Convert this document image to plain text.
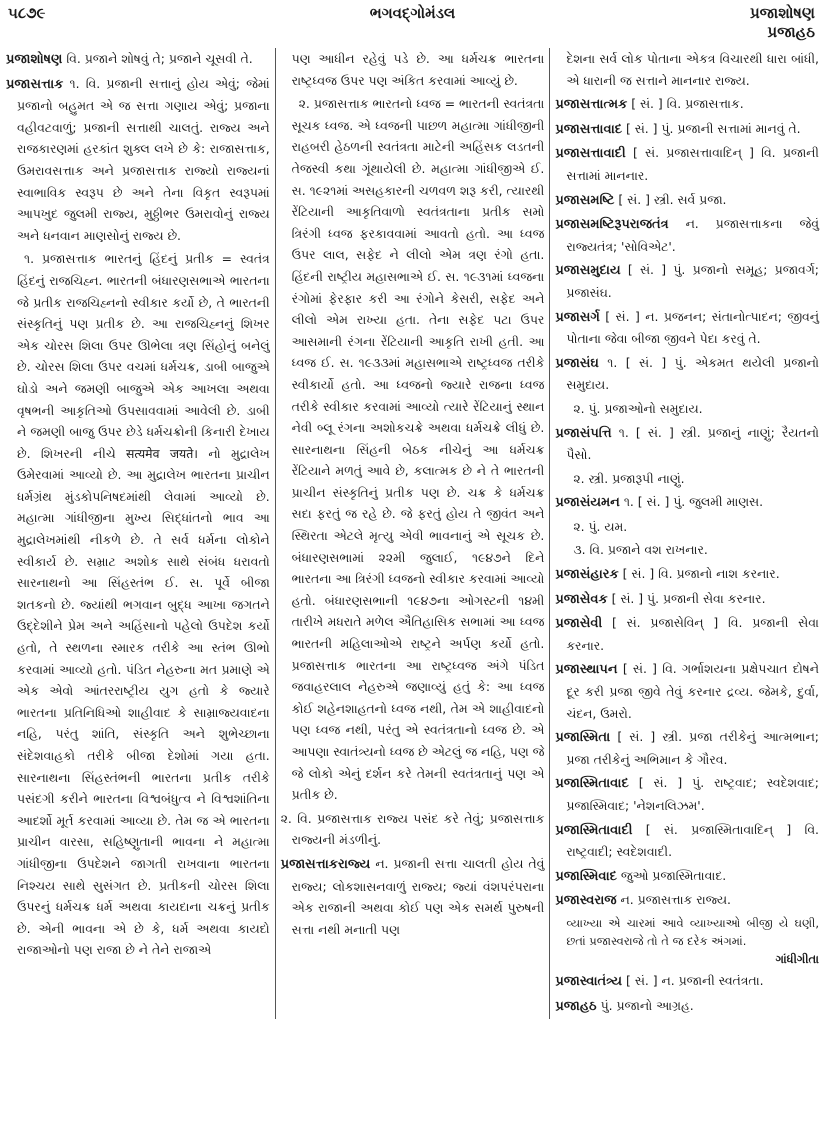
૫૮૭૯	ભગવદ્ગોમંડલ	પ્રજાશોષણ
પ્રજાહઠ

પ્રજાશોષણ વિ. પ્રજાને શોષવું તે; પ્રજાને ચૂસવી તે.

પ્રજાસત્તાક ૧. વિ. પ્રજાની સત્તાનું હોય એવું; જેમાં પ્રજાનો બહુમત એ જ સત્તા ગણાય એવું; પ્રજાના વહીવટવાળું; પ્રજાની સત્તાથી ચાલતું. રાજ્ય અને રાજકારણમાં હરકાંત શુક્લ લખે છે કે: રાજાસત્તાક, ઉમરાવસત્તાક અને પ્રજાસત્તાક રાજ્યો રાજ્યનાં સ્વાભાવિક સ્વરૂપ છે અને તેના વિકૃત સ્વરૂપમાં આપખુદ જુલમી રાજ્ય, મુઠ્ઠીભર ઉમરાવોનું રાજ્ય અને ધનવાન માણસોનું રાજ્ય છે.

૧. પ્રજાસત્તાક ભારતનું હિંદનું પ્રતીક = સ્વતંત્ર હિંદનું રાજચિહ્ન. ભારતની બંધારણસભાએ ભારતના જે પ્રતીક રાજચિહ્નનો સ્વીકાર કર્યો છે, તે ભારતની સંસ્કૃતિનું પણ પ્રતીક છે. આ રાજચિહ્નનું શિખર એક ચોરસ શિલા ઉપર ઊભેલા ત્રણ સિંહોનું બનેલું છે. ચોરસ શિલા ઉપર વચમાં ધર્મચક્ર, ડાબી બાજુએ ઘોડો અને જમણી બાજુએ એક આખલા અથવા વૃષભની આકૃતિઓ ઉપસાવવામાં આવેલી છે. ડાબી ને જમણી બાજુ ઉપર છેડે ધર્મચક્રોની કિનારી દેખાય છે. શિખરની નીચે सत्यमेव जयते। નો મુદ્રાલેખ ઉમેરવામાં આવ્યો છે. આ મુદ્રાલેખ ભારતના પ્રાચીન ધર્મગ્રંથ મુંડકોપનિષદમાંથી લેવામાં આવ્યો છે. મહાત્મા ગાંધીજીના મુખ્ય સિદ્ધાંતનો ભાવ આ મુદ્રાલેખમાંથી નીકળે છે. તે સર્વ ધર્મના લોકોને સ્વીકાર્ય છે. સમ્રાટ અશોક સાથે સંબંધ ધરાવતો સારનાથનો આ સિંહસ્તંભ ઈ. સ. પૂર્વે બીજા શતકનો છે. જ્યાંથી ભગવાન બુદ્ધ આખા જગતને ઉદ્દેશીને પ્રેમ અને અહિંસાનો પહેલો ઉપદેશ કર્યો હતો, તે સ્થળના સ્મારક તરીકે આ સ્તંભ ઊભો કરવામાં આવ્યો હતો. પંડિત નેહરુના મત પ્રમાણે એ એક એવો આંતરરાષ્ટ્રીય યુગ હતો કે જ્યારે ભારતના પ્રતિનિધિઓ શાહીવાદ કે સામ્રાજ્યવાદના નહિ, પરંતુ શાંતિ, સંસ્કૃતિ અને શુભેચ્છાના સંદેશવાહકો તરીકે બીજા દેશોમાં ગયા હતા. સારનાથના સિંહસ્તંભની ભારતના પ્રતીક તરીકે પસંદગી કરીને ભારતના વિશ્વબંધુત્વ ને વિશ્વશાંતિના આદર્શો મૂર્ત કરવામાં આવ્યા છે. તેમ જ એ ભારતના પ્રાચીન વારસા, સહિષ્ણુતાની ભાવના ને મહાત્મા ગાંધીજીના ઉપદેશને જાગતી રાખવાના ભારતના નિશ્ચય સાથે સુસંગત છે. પ્રતીકની ચોરસ શિલા ઉપરનું ધર્મચક્ર ધર્મ અથવા કાયદાના ચક્રનું પ્રતીક છે. એની ભાવના એ છે કે, ધર્મ અથવા કાયદો રાજાઓનો પણ રાજા છે ને તેને રાજાએ

પણ આધીન રહેવું પડે છે. આ ધર્મચક્ર ભારતના રાષ્ટ્રધ્વજ ઉપર પણ અંકિત કરવામાં આવ્યું છે.

૨. પ્રજાસત્તાક ભારતનો ધ્વજ = ભારતની સ્વતંત્રતા સૂચક ધ્વજ. એ ધ્વજની પાછળ મહાત્મા ગાંધીજીની રાહબરી હેઠળની સ્વતંત્રતા માટેની અહિંસક લડતની તેજસ્વી કથા ગૂંથાયેલી છે. મહાત્મા ગાંધીજીએ ઈ. સ. ૧૯૨૧માં અસહકારની ચળવળ શરૂ કરી, ત્યારથી રેંટિયાની આકૃતિવાળો સ્વતંત્રતાના પ્રતીક સમો ત્રિરંગી ધ્વજ ફરકાવવામાં આવતો હતો. આ ધ્વજ ઉપર લાલ, સફેદ ને લીલો એમ ત્રણ રંગો હતા. હિંદની રાષ્ટ્રીય મહાસભાએ ઈ. સ. ૧૯૩૧માં ધ્વજના રંગોમાં ફેરફાર કરી આ રંગોને કેસરી, સફેદ અને લીલો એમ રાખ્યા હતા. તેના સફેદ પટા ઉપર આસમાની રંગના રેંટિયાની આકૃતિ રાખી હતી. આ ધ્વજ ઈ. સ. ૧૯૩૩માં મહાસભાએ રાષ્ટ્રધ્વજ તરીકે સ્વીકાર્યો હતો. આ ધ્વજનો જ્યારે રાજના ધ્વજ તરીકે સ્વીકાર કરવામાં આવ્યો ત્યારે રેંટિયાનું સ્થાન નેવી બ્લૂ રંગના અશોકચક્રે અથવા ધર્મચક્રે લીધું છે. સારનાથના સિંહની બેઠક નીચેનું આ ધર્મચક્ર રેંટિયાને મળતું આવે છે, કલાત્મક છે ને તે ભારતની પ્રાચીન સંસ્કૃતિનું પ્રતીક પણ છે. ચક્ર કે ધર્મચક્ર સદા ફરતું જ રહે છે. જે ફરતું હોય તે જીવંત અને સ્થિરતા એટલે મૃત્યુ એવી ભાવનાનું એ સૂચક છે. બંધારણસભામાં ૨૨મી જુલાઈ, ૧૯૪૭ને દિને ભારતના આ ત્રિરંગી ધ્વજનો સ્વીકાર કરવામાં આવ્યો હતો. બંધારણસભાની ૧૯૪૭ના ઓગસ્ટની ૧૪મી તારીખે મધરાતે મળેલ ઐતિહાસિક સભામાં આ ધ્વજ ભારતની મહિલાઓએ રાષ્ટ્રને અર્પણ કર્યો હતો. પ્રજાસત્તાક ભારતના આ રાષ્ટ્રધ્વજ અંગે પંડિત જવાહરલાલ નેહરુએ જણાવ્યું હતું કે: આ ધ્વજ કોઈ શહેનશાહતનો ધ્વજ નથી, તેમ એ શાહીવાદનો પણ ધ્વજ નથી, પરંતુ એ સ્વતંત્રતાનો ધ્વજ છે. એ આપણા સ્વાતંત્ર્યનો ધ્વજ છે એટલું જ નહિ, પણ જે જે લોકો એનું દર્શન કરે તેમની સ્વતંત્રતાનું પણ એ પ્રતીક છે.

૨. વિ. પ્રજાસત્તાક રાજ્ય પસંદ કરે તેવું; પ્રજાસત્તાક રાજ્યની મંડળીનું.

પ્રજાસત્તાકરાજ્ય ન. પ્રજાની સત્તા ચાલતી હોય તેવું રાજ્ય; લોકશાસનવાળું રાજ્ય; જ્યાં વંશપરંપરાના એક રાજાની અથવા કોઈ પણ એક સમર્થ પુરુષની સત્તા નથી મનાતી પણ

દેશના સર્વ લોક પોતાના એકત્ર વિચારથી ધારા બાંધી, એ ધારાની જ સત્તાને માનનાર રાજ્ય.

પ્રજાસત્તાત્મક [ સં. ] વિ. પ્રજાસત્તાક.

પ્રજાસત્તાવાદ [ સં. ] પું. પ્રજાની સત્તામાં માનવું તે.

પ્રજાસત્તાવાદી [ સં. પ્રજાસત્તાવાદિન્ ] વિ. પ્રજાની સત્તામાં માનનાર.

પ્રજાસમષ્ટિ [ સં. ] સ્ત્રી. સર્વ પ્રજા.

પ્રજાસમષ્ટિરૂપરાજતંત્ર ન. પ્રજાસત્તાકના જેવું રાજ્યતંત્ર; 'સોવિએટ'.

પ્રજાસમુદાય [ સં. ] પું. પ્રજાનો સમૂહ; પ્રજાવર્ગ; પ્રજાસંઘ.

પ્રજાસર્ગ [ સં. ] ન. પ્રજનન; સંતાનોત્પાદન; જીવનું પોતાના જેવા બીજા જીવને પેદા કરવું તે.

પ્રજાસંઘ ૧. [ સં. ] પું. એકમત થયેલી પ્રજાનો સમુદાય.

૨. પું. પ્રજાઓનો સમુદાય.

પ્રજાસંપત્તિ ૧. [ સં. ] સ્ત્રી. પ્રજાનું નાણું; રૈયતનો પૈસો.

૨. સ્ત્રી. પ્રજારૂપી નાણું.

પ્રજાસંયમન ૧. [ સં. ] પું. જુલમી માણસ.

૨. પું. યમ.

૩. વિ. પ્રજાને વશ રાખનાર.

પ્રજાસંહારક [ સં. ] વિ. પ્રજાનો નાશ કરનાર.

પ્રજાસેવક [ સં. ] પું. પ્રજાની સેવા કરનાર.

પ્રજાસેવી [ સં. પ્રજાસેવિન્ ] વિ. પ્રજાની સેવા કરનાર.

પ્રજાસ્થાપન [ સં. ] વિ. ગર્ભાશયના પ્રક્ષેપચાત દોષને દૂર કરી પ્રજા જીવે તેવું કરનાર દ્રવ્ય. જેમકે, દુર્વા, ચંદન, ઉમરો.

પ્રજાસ્મિતા [ સં. ] સ્ત્રી. પ્રજા તરીકેનું આત્મભાન; પ્રજા તરીકેનું અભિમાન કે ગૌરવ.

પ્રજાસ્મિતાવાદ [ સં. ] પું. રાષ્ટ્રવાદ; સ્વદેશવાદ; પ્રજાસ્મિવાદ; 'નેશનલિઝમ'.

પ્રજાસ્મિતાવાદી [ સં. પ્રજાસ્મિતાવાદિન્ ] વિ. રાષ્ટ્રવાદી; સ્વદેશવાદી.

પ્રજાસ્મિવાદ જુઓ પ્રજાસ્મિતાવાદ.

પ્રજાસ્વરાજ ન. પ્રજાસત્તાક રાજ્ય.

વ્યાખ્યા એ ચારમાં આવે વ્યાખ્યાઓ બીજી યે ઘણી, છતાં પ્રજાસ્વરાજે તો તે જ દરેક અંગમાં.

ગાંધીગીતા

પ્રજાસ્વાતંત્ર્ય [ સં. ] ન. પ્રજાની સ્વતંત્રતા.

પ્રજાહઠ પું. પ્રજાનો આગ્રહ.
